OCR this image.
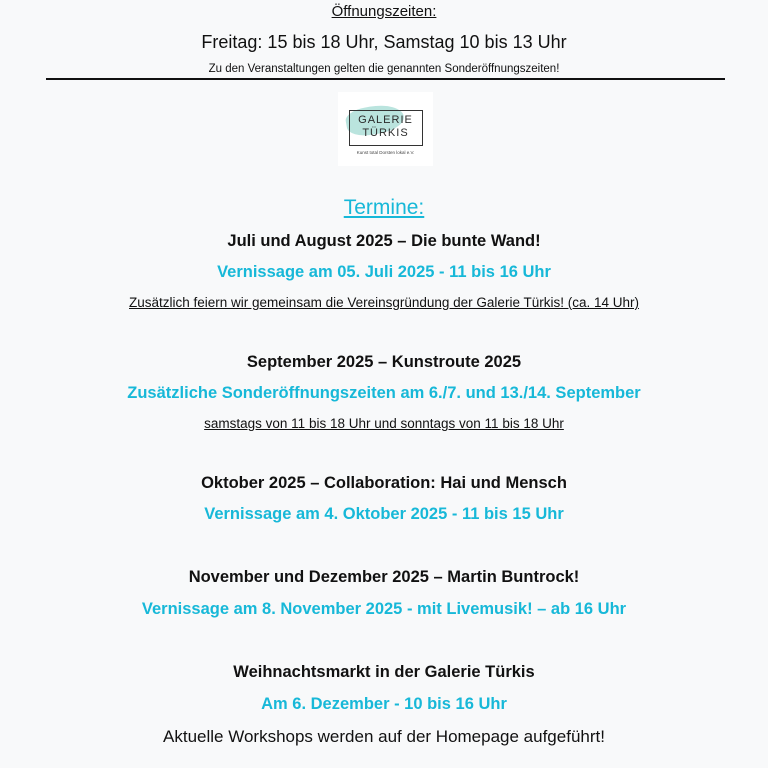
Öffnungszeiten:
Freitag: 15 bis 18 Uhr, Samstag 10 bis 13 Uhr
Zu den Veranstaltungen gelten die genannten Sonderöffnungszeiten!
GALERIE
TÜRKIS
Kunst total Dorsten lokal e.V.
Termine:
Juli und August 2025 – Die bunte Wand!
Vernissage am 05. Juli 2025 - 11 bis 16 Uhr
Zusätzlich feiern wir gemeinsam die Vereinsgründung der Galerie Türkis! (ca. 14 Uhr)
September 2025 – Kunstroute 2025
Zusätzliche Sonderöffnungszeiten am 6./7. und 13./14. September
samstags von 11 bis 18 Uhr und sonntags von 11 bis 18 Uhr
Oktober 2025 – Collaboration: Hai und Mensch
Vernissage am 4. Oktober 2025 - 11 bis 15 Uhr
November und Dezember 2025 – Martin Buntrock!
Vernissage am 8. November 2025 - mit Livemusik! – ab 16 Uhr
Weihnachtsmarkt in der Galerie Türkis
Am 6. Dezember - 10 bis 16 Uhr
Aktuelle Workshops werden auf der Homepage aufgeführt!
